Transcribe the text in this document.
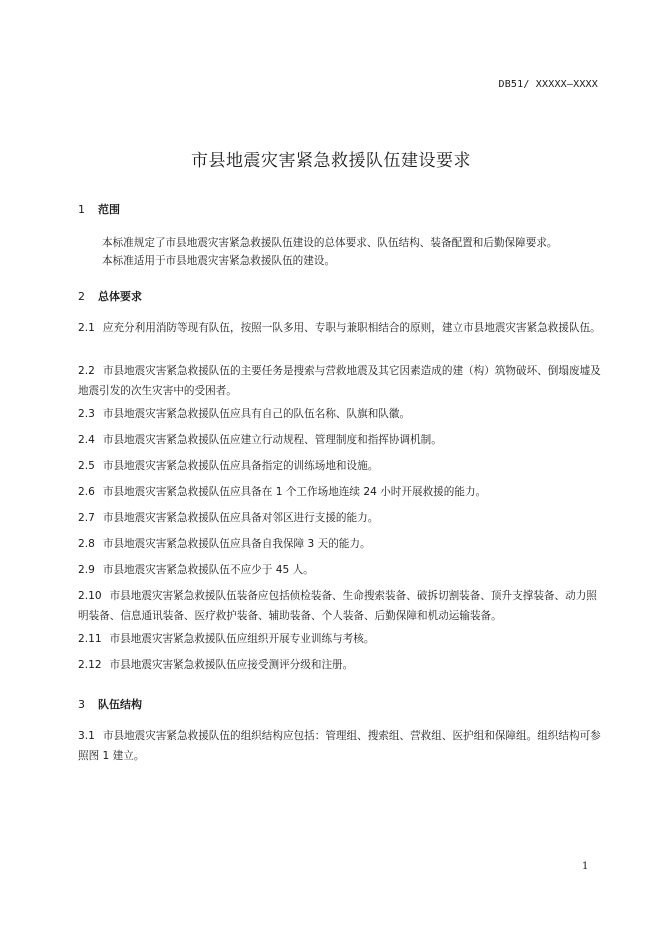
DB51/ XXXXX—XXXX
市县地震灾害紧急救援队伍建设要求
1 范围
本标准规定了市县地震灾害紧急救援队伍建设的总体要求、队伍结构、装备配置和后勤保障要求。
本标准适用于市县地震灾害紧急救援队伍的建设。
2 总体要求
2.1 应充分利用消防等现有队伍，按照一队多用、专职与兼职相结合的原则，建立市县地震灾害紧急救援队伍。
2.2 市县地震灾害紧急救援队伍的主要任务是搜索与营救地震及其它因素造成的建（构）筑物破坏、倒塌废墟及地震引发的次生灾害中的受困者。
2.3 市县地震灾害紧急救援队伍应具有自己的队伍名称、队旗和队徽。
2.4 市县地震灾害紧急救援队伍应建立行动规程、管理制度和指挥协调机制。
2.5 市县地震灾害紧急救援队伍应具备指定的训练场地和设施。
2.6 市县地震灾害紧急救援队伍应具备在 1 个工作场地连续 24 小时开展救援的能力。
2.7 市县地震灾害紧急救援队伍应具备对邻区进行支援的能力。
2.8 市县地震灾害紧急救援队伍应具备自我保障 3 天的能力。
2.9 市县地震灾害紧急救援队伍不应少于 45 人。
2.10 市县地震灾害紧急救援队伍装备应包括侦检装备、生命搜索装备、破拆切割装备、顶升支撑装备、动力照明装备、信息通讯装备、医疗救护装备、辅助装备、个人装备、后勤保障和机动运输装备。
2.11 市县地震灾害紧急救援队伍应组织开展专业训练与考核。
2.12 市县地震灾害紧急救援队伍应接受测评分级和注册。
3 队伍结构
3.1 市县地震灾害紧急救援队伍的组织结构应包括：管理组、搜索组、营救组、医护组和保障组。组织结构可参照图 1 建立。
1
